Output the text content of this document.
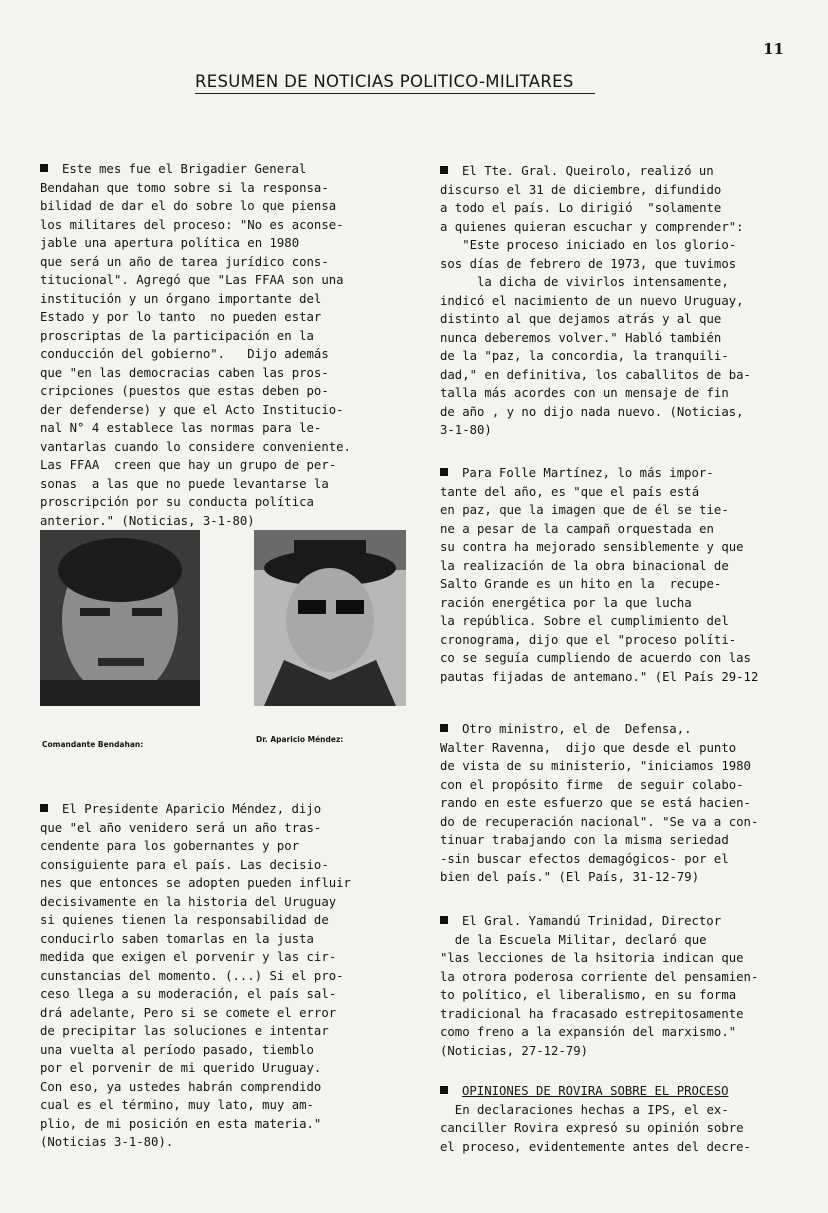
11
RESUMEN DE NOTICIAS POLITICO-MILITARES
Este mes fue el Brigadier General
Bendahan que tomo sobre si la responsa-
bilidad de dar el do sobre lo que piensa
los militares del proceso: "No es aconse-
jable una apertura política en 1980
que será un año de tarea jurídico cons-
titucional". Agregó que "Las FFAA son una
institución y un órgano importante del
Estado y por lo tanto  no pueden estar
proscriptas de la participación en la
conducción del gobierno".   Dijo además
que "en las democracias caben las pros-
cripciones (puestos que estas deben po-
der defenderse) y que el Acto Institucio-
nal N° 4 establece las normas para le-
vantarlas cuando lo considere conveniente.
Las FFAA  creen que hay un grupo de per-
sonas  a las que no puede levantarse la
proscripción por su conducta política
anterior." (Noticias, 3-1-80)
Comandante Bendahan:
Dr. Aparicio Méndez:
El Presidente Aparicio Méndez, dijo
que "el año venidero será un año tras-
cendente para los gobernantes y por
consiguiente para el país. Las decisio-
nes que entonces se adopten pueden influir
decisivamente en la historia del Uruguay
si quienes tienen la responsabilidad de
conducirlo saben tomarlas en la justa
medida que exigen el porvenir y las cir-
cunstancias del momento. (...) Si el pro-
ceso llega a su moderación, el país sal-
drá adelante, Pero si se comete el error
de precipitar las soluciones e intentar
una vuelta al período pasado, tiemblo
por el porvenir de mi querido Uruguay.
Con eso, ya ustedes habrán comprendido
cual es el término, muy lato, muy am-
plio, de mi posición en esta materia."
(Noticias 3-1-80).
El Tte. Gral. Queirolo, realizó un
discurso el 31 de diciembre, difundido
a todo el país. Lo dirigió  "solamente
a quienes quieran escuchar y comprender":
"Este proceso iniciado en los glorio-
sos días de febrero de 1973, que tuvimos
la dicha de vivirlos intensamente,
indicó el nacimiento de un nuevo Uruguay,
distinto al que dejamos atrás y al que
nunca deberemos volver." Habló también
de la "paz, la concordia, la tranquili-
dad," en definitiva, los caballitos de ba-
talla más acordes con un mensaje de fin
de año , y no dijo nada nuevo. (Noticias,
3-1-80)
Para Folle Martínez, lo más impor-
tante del año, es "que el país está
en paz, que la imagen que de él se tie-
ne a pesar de la campañ orquestada en
su contra ha mejorado sensiblemente y que
la realización de la obra binacional de
Salto Grande es un hito en la  recupe-
ración energética por la que lucha
la república. Sobre el cumplimiento del
cronograma, dijo que el "proceso políti-
co se seguía cumpliendo de acuerdo con las
pautas fijadas de antemano." (El País 29-12
Otro ministro, el de  Defensa,.
Walter Ravenna,  dijo que desde el punto
de vista de su ministerio, "iniciamos 1980
con el propósito firme  de seguir colabo-
rando en este esfuerzo que se está hacien-
do de recuperación nacional". "Se va a con-
tinuar trabajando con la misma seriedad
-sin buscar efectos demagógicos- por el
bien del país." (El País, 31-12-79)
El Gral. Yamandú Trinidad, Director
de la Escuela Militar, declaró que
"las lecciones de la hsitoria indican que
la otrora poderosa corriente del pensamien-
to político, el liberalismo, en su forma
tradicional ha fracasado estrepitosamente
como freno a la expansión del marxismo."
(Noticias, 27-12-79)
OPINIONES DE ROVIRA SOBRE EL PROCESO
En declaraciones hechas a IPS, el ex-
canciller Rovira expresó su opinión sobre
el proceso, evidentemente antes del decre-
